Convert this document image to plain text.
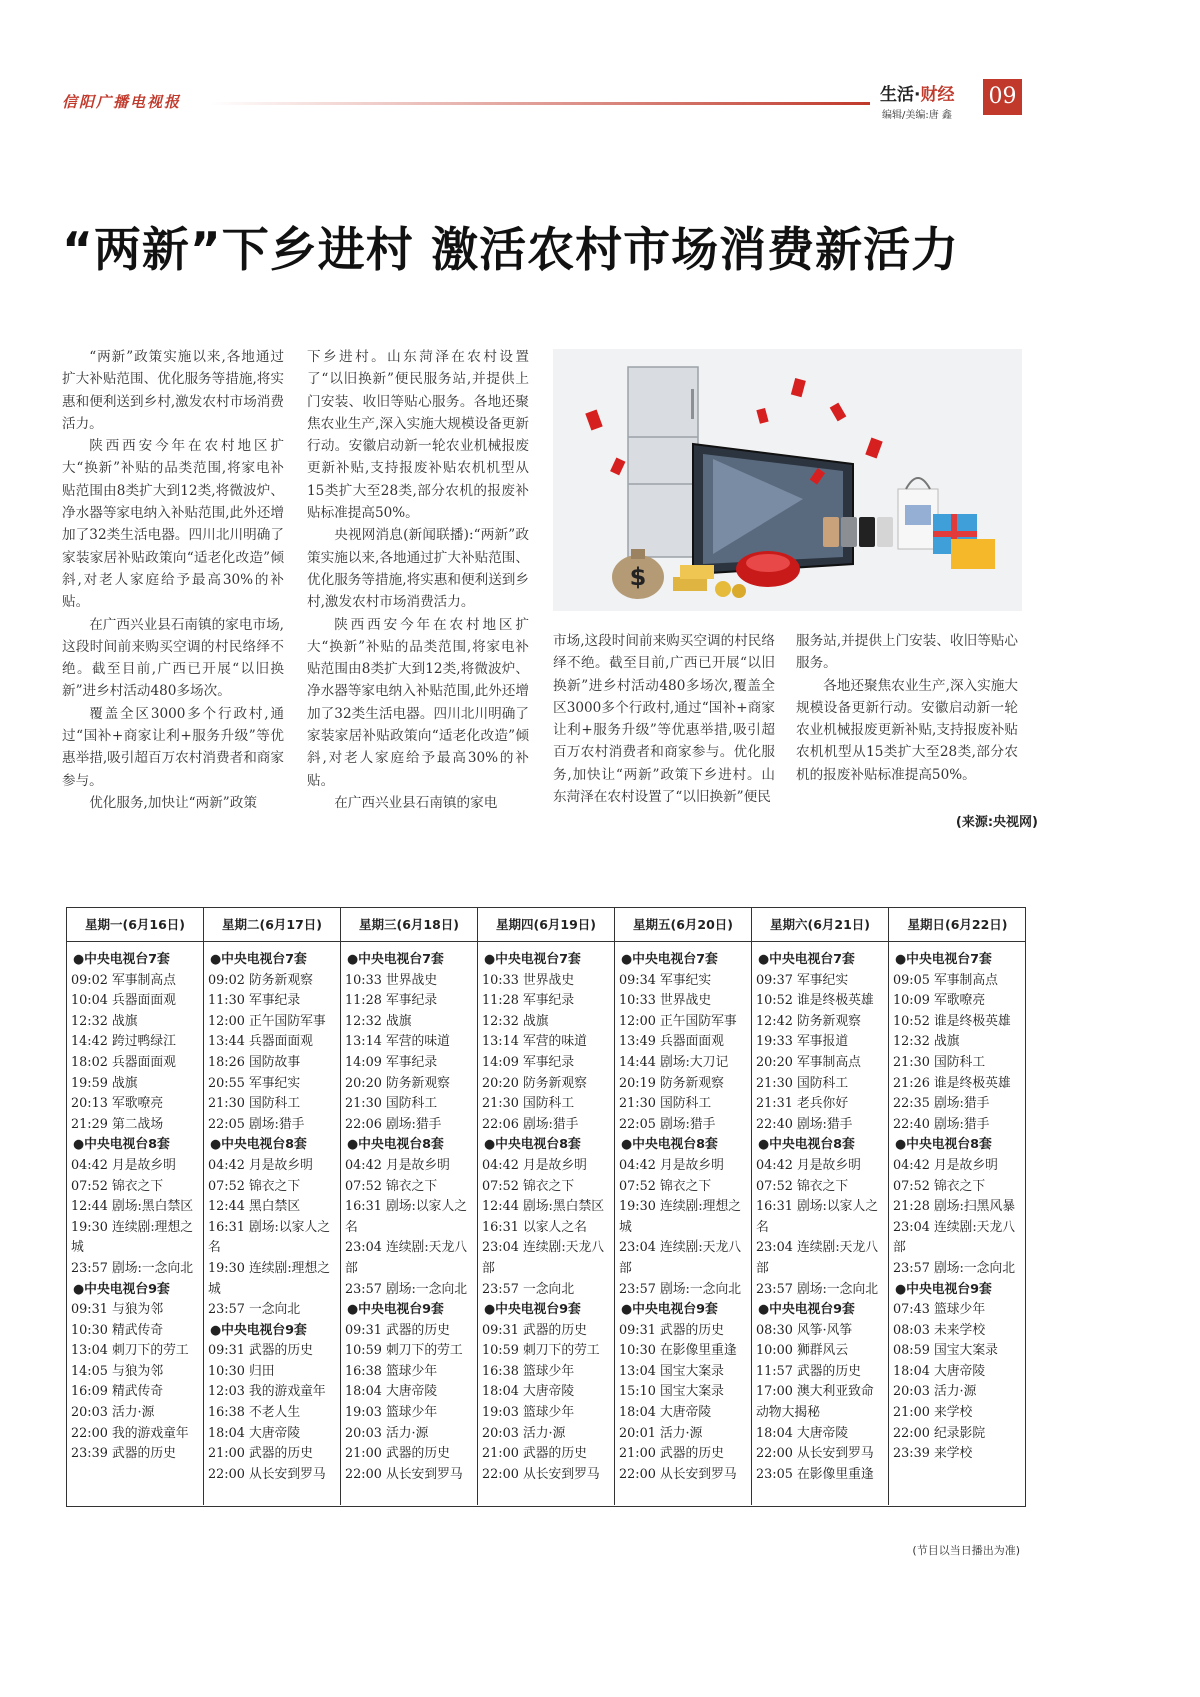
信阳广播电视报	生活·财经
编辑/美编:唐 鑫
09
“两新”下乡进村 激活农村市场消费新活力

“两新”政策实施以来,各地通过扩大补贴范围、优化服务等措施,将实惠和便利送到乡村,激发农村市场消费活力。

陕西西安今年在农村地区扩大“换新”补贴的品类范围,将家电补贴范围由8类扩大到12类,将微波炉、净水器等家电纳入补贴范围,此外还增加了32类生活电器。四川北川明确了家装家居补贴政策向“适老化改造”倾斜,对老人家庭给予最高30%的补贴。

在广西兴业县石南镇的家电市场,这段时间前来购买空调的村民络绎不绝。截至目前,广西已开展“以旧换新”进乡村活动480多场次。

覆盖全区3000多个行政村,通过“国补+商家让利+服务升级”等优惠举措,吸引超百万农村消费者和商家参与。

优化服务,加快让“两新”政策

下乡进村。山东菏泽在农村设置了“以旧换新”便民服务站,并提供上门安装、收旧等贴心服务。各地还聚焦农业生产,深入实施大规模设备更新行动。安徽启动新一轮农业机械报废更新补贴,支持报废补贴农机机型从15类扩大至28类,部分农机的报废补贴标准提高50%。

央视网消息(新闻联播):“两新”政策实施以来,各地通过扩大补贴范围、优化服务等措施,将实惠和便利送到乡村,激发农村市场消费活力。

陕西西安今年在农村地区扩大“换新”补贴的品类范围,将家电补贴范围由8类扩大到12类,将微波炉、净水器等家电纳入补贴范围,此外还增加了32类生活电器。四川北川明确了家装家居补贴政策向“适老化改造”倾斜,对老人家庭给予最高30%的补贴。

在广西兴业县石南镇的家电

市场,这段时间前来购买空调的村民络绎不绝。截至目前,广西已开展“以旧换新”进乡村活动480多场次,覆盖全区3000多个行政村,通过“国补+商家让利+服务升级”等优惠举措,吸引超百万农村消费者和商家参与。优化服务,加快让“两新”政策下乡进村。山东菏泽在农村设置了“以旧换新”便民

服务站,并提供上门安装、收旧等贴心服务。

各地还聚焦农业生产,深入实施大规模设备更新行动。安徽启动新一轮农业机械报废更新补贴,支持报废补贴农机机型从15类扩大至28类,部分农机的报废补贴标准提高50%。

(来源:央视网)
$
星期一(6月16日)
●中央电视台7套
09:02 军事制高点
10:04 兵器面面观
12:32 战旗
14:42 跨过鸭绿江
18:02 兵器面面观
19:59 战旗
20:13 军歌嘹亮
21:29 第二战场
●中央电视台8套
04:42 月是故乡明
07:52 锦衣之下
12:44 剧场:黑白禁区
19:30 连续剧:理想之城
23:57 剧场:一念向北
●中央电视台9套
09:31 与狼为邻
10:30 精武传奇
13:04 刺刀下的劳工
14:05 与狼为邻
16:09 精武传奇
20:03 活力·源
22:00 我的游戏童年
23:39 武器的历史
星期二(6月17日)
●中央电视台7套
09:02 防务新观察
11:30 军事纪录
12:00 正午国防军事
13:44 兵器面面观
18:26 国防故事
20:55 军事纪实
21:30 国防科工
22:05 剧场:猎手
●中央电视台8套
04:42 月是故乡明
07:52 锦衣之下
12:44 黑白禁区
16:31 剧场:以家人之名
19:30 连续剧:理想之城
23:57 一念向北
●中央电视台9套
09:31 武器的历史
10:30 归田
12:03 我的游戏童年
16:38 不老人生
18:04 大唐帝陵
21:00 武器的历史
22:00 从长安到罗马
星期三(6月18日)
●中央电视台7套
10:33 世界战史
11:28 军事纪录
12:32 战旗
13:14 军营的味道
14:09 军事纪录
20:20 防务新观察
21:30 国防科工
22:06 剧场:猎手
●中央电视台8套
04:42 月是故乡明
07:52 锦衣之下
16:31 剧场:以家人之名
23:04 连续剧:天龙八部
23:57 剧场:一念向北
●中央电视台9套
09:31 武器的历史
10:59 刺刀下的劳工
16:38 篮球少年
18:04 大唐帝陵
19:03 篮球少年
20:03 活力·源
21:00 武器的历史
22:00 从长安到罗马
星期四(6月19日)
●中央电视台7套
10:33 世界战史
11:28 军事纪录
12:32 战旗
13:14 军营的味道
14:09 军事纪录
20:20 防务新观察
21:30 国防科工
22:06 剧场:猎手
●中央电视台8套
04:42 月是故乡明
07:52 锦衣之下
12:44 剧场:黑白禁区
16:31 以家人之名
23:04 连续剧:天龙八部
23:57 一念向北
●中央电视台9套
09:31 武器的历史
10:59 刺刀下的劳工
16:38 篮球少年
18:04 大唐帝陵
19:03 篮球少年
20:03 活力·源
21:00 武器的历史
22:00 从长安到罗马
星期五(6月20日)
●中央电视台7套
09:34 军事纪实
10:33 世界战史
12:00 正午国防军事
13:49 兵器面面观
14:44 剧场:大刀记
20:19 防务新观察
21:30 国防科工
22:05 剧场:猎手
●中央电视台8套
04:42 月是故乡明
07:52 锦衣之下
19:30 连续剧:理想之城
23:04 连续剧:天龙八部
23:57 剧场:一念向北
●中央电视台9套
09:31 武器的历史
10:30 在影像里重逢
13:04 国宝大案录
15:10 国宝大案录
18:04 大唐帝陵
20:01 活力·源
21:00 武器的历史
22:00 从长安到罗马
星期六(6月21日)
●中央电视台7套
09:37 军事纪实
10:52 谁是终极英雄
12:42 防务新观察
19:33 军事报道
20:20 军事制高点
21:30 国防科工
21:31 老兵你好
22:40 剧场:猎手
●中央电视台8套
04:42 月是故乡明
07:52 锦衣之下
16:31 剧场:以家人之名
23:04 连续剧:天龙八部
23:57 剧场:一念向北
●中央电视台9套
08:30 风筝·风筝
10:00 狮群风云
11:57 武器的历史
17:00 澳大利亚致命动物大揭秘
18:04 大唐帝陵
22:00 从长安到罗马
23:05 在影像里重逢
星期日(6月22日)
●中央电视台7套
09:05 军事制高点
10:09 军歌嘹亮
10:52 谁是终极英雄
12:32 战旗
21:30 国防科工
21:26 谁是终极英雄
22:35 剧场:猎手
22:40 剧场:猎手
●中央电视台8套
04:42 月是故乡明
07:52 锦衣之下
21:28 剧场:扫黑风暴
23:04 连续剧:天龙八部
23:57 剧场:一念向北
●中央电视台9套
07:43 篮球少年
08:03 未来学校
08:59 国宝大案录
18:04 大唐帝陵
20:03 活力·源
21:00 来学校
22:00 纪录影院
23:39 来学校
(节目以当日播出为准)
